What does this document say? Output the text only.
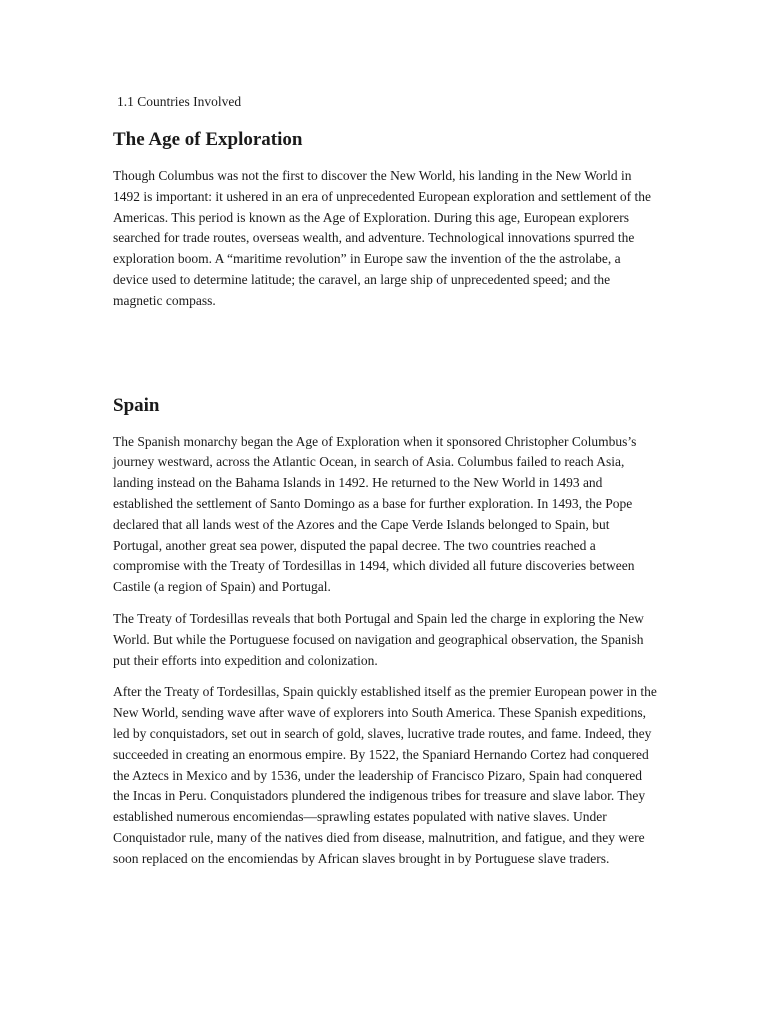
1.1 Countries Involved

The Age of Exploration

Though Columbus was not the first to discover the New World, his landing in the New World in 1492 is important: it ushered in an era of unprecedented European exploration and settlement of the Americas. This period is known as the Age of Exploration. During this age, European explorers searched for trade routes, overseas wealth, and adventure. Technological innovations spurred the exploration boom. A “maritime revolution” in Europe saw the invention of the the astrolabe, a device used to determine latitude; the caravel, an large ship of unprecedented speed; and the magnetic compass.

Spain

The Spanish monarchy began the Age of Exploration when it sponsored Christopher Columbus’s journey westward, across the Atlantic Ocean, in search of Asia. Columbus failed to reach Asia, landing instead on the Bahama Islands in 1492. He returned to the New World in 1493 and established the settlement of Santo Domingo as a base for further exploration. In 1493, the Pope declared that all lands west of the Azores and the Cape Verde Islands belonged to Spain, but Portugal, another great sea power, disputed the papal decree. The two countries reached a compromise with the Treaty of Tordesillas in 1494, which divided all future discoveries between Castile (a region of Spain) and Portugal.

The Treaty of Tordesillas reveals that both Portugal and Spain led the charge in exploring the New World. But while the Portuguese focused on navigation and geographical observation, the Spanish put their efforts into expedition and colonization.

After the Treaty of Tordesillas, Spain quickly established itself as the premier European power in the New World, sending wave after wave of explorers into South America. These Spanish expeditions, led by conquistadors, set out in search of gold, slaves, lucrative trade routes, and fame. Indeed, they succeeded in creating an enormous empire. By 1522, the Spaniard Hernando Cortez had conquered the Aztecs in Mexico and by 1536, under the leadership of Francisco Pizaro, Spain had conquered the Incas in Peru. Conquistadors plundered the indigenous tribes for treasure and slave labor. They established numerous encomiendas—sprawling estates populated with native slaves. Under Conquistador rule, many of the natives died from disease, malnutrition, and fatigue, and they were soon replaced on the encomiendas by African slaves brought in by Portuguese slave traders.
